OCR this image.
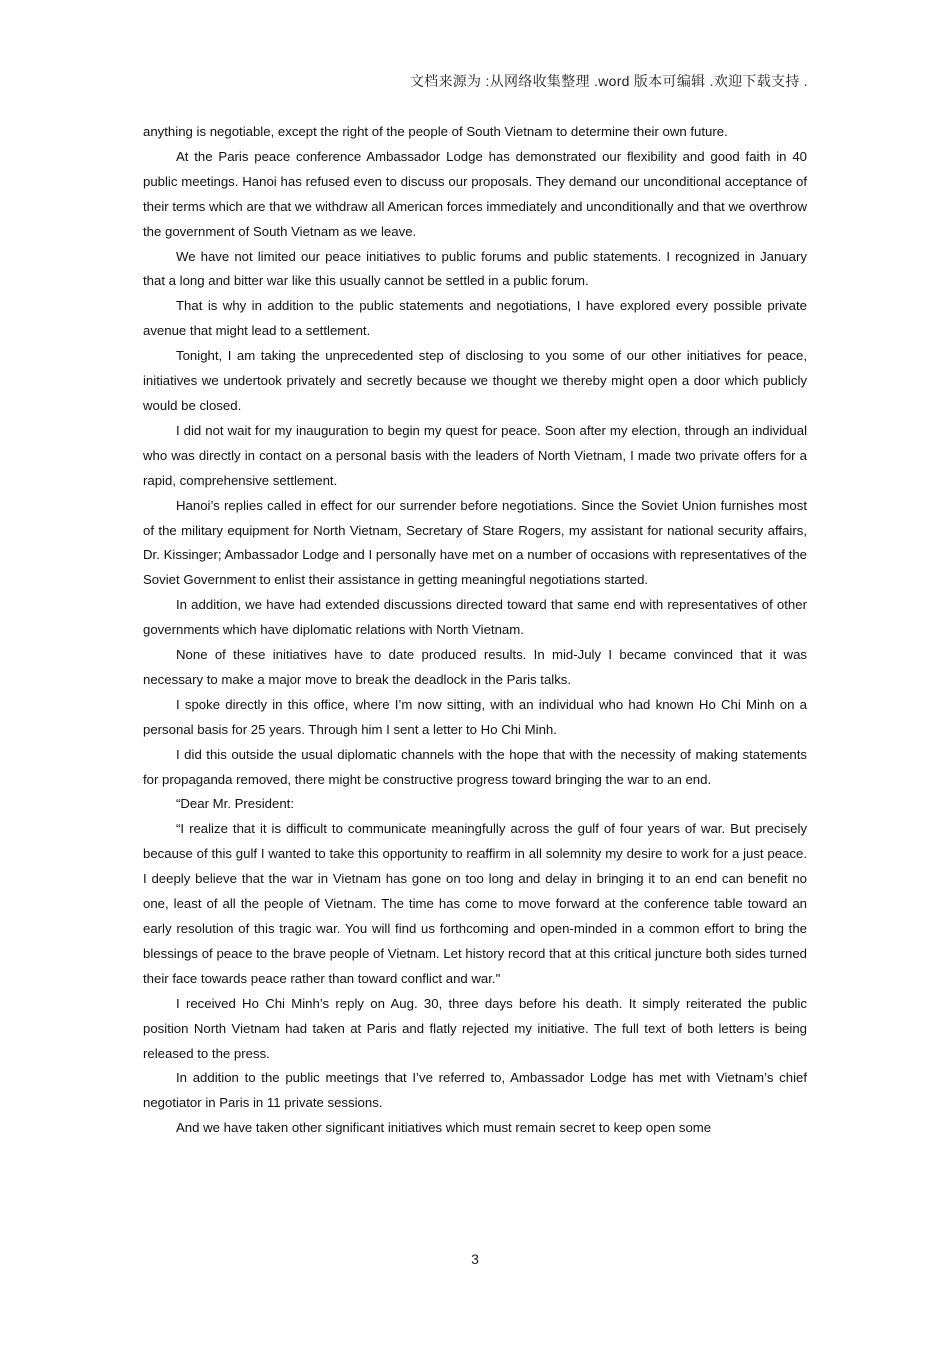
文档来源为 :从网络收集整理 .word 版本可编辑 .欢迎下载支持 .

anything is negotiable, except the right of the people of South Vietnam to determine their own future.

At the Paris peace conference Ambassador Lodge has demonstrated our flexibility and good faith in 40 public meetings. Hanoi has refused even to discuss our proposals. They demand our unconditional acceptance of their terms which are that we withdraw all American forces immediately and unconditionally and that we overthrow the government of South Vietnam as we leave.

We have not limited our peace initiatives to public forums and public statements. I recognized in January that a long and bitter war like this usually cannot be settled in a public forum.

That is why in addition to the public statements and negotiations, I have explored every possible private avenue that might lead to a settlement.

Tonight, I am taking the unprecedented step of disclosing to you some of our other initiatives for peace, initiatives we undertook privately and secretly because we thought we thereby might open a door which publicly would be closed.

I did not wait for my inauguration to begin my quest for peace. Soon after my election, through an individual who was directly in contact on a personal basis with the leaders of North Vietnam, I made two private offers for a rapid, comprehensive settlement.

Hanoi’s replies called in effect for our surrender before negotiations. Since the Soviet Union furnishes most of the military equipment for North Vietnam, Secretary of Stare Rogers, my assistant for national security affairs, Dr. Kissinger; Ambassador Lodge and I personally have met on a number of occasions with representatives of the Soviet Government to enlist their assistance in getting meaningful negotiations started.

In addition, we have had extended discussions directed toward that same end with representatives of other governments which have diplomatic relations with North Vietnam.

None of these initiatives have to date produced results. In mid-July I became convinced that it was necessary to make a major move to break the deadlock in the Paris talks.

I spoke directly in this office, where I’m now sitting, with an individual who had known Ho Chi Minh on a personal basis for 25 years. Through him I sent a letter to Ho Chi Minh.

I did this outside the usual diplomatic channels with the hope that with the necessity of making statements for propaganda removed, there might be constructive progress toward bringing the war to an end.

“Dear Mr. President:

“I realize that it is difficult to communicate meaningfully across the gulf of four years of war. But precisely because of this gulf I wanted to take this opportunity to reaffirm in all solemnity my desire to work for a just peace. I deeply believe that the war in Vietnam has gone on too long and delay in bringing it to an end can benefit no one, least of all the people of Vietnam. The time has come to move forward at the conference table toward an early resolution of this tragic war. You will find us forthcoming and open-minded in a common effort to bring the blessings of peace to the brave people of Vietnam. Let history record that at this critical juncture both sides turned their face towards peace rather than toward conflict and war."

I received Ho Chi Minh’s reply on Aug. 30, three days before his death. It simply reiterated the public position North Vietnam had taken at Paris and flatly rejected my initiative. The full text of both letters is being released to the press.

In addition to the public meetings that I’ve referred to, Ambassador Lodge has met with Vietnam’s chief negotiator in Paris in 11 private sessions.

And we have taken other significant initiatives which must remain secret to keep open some

3
